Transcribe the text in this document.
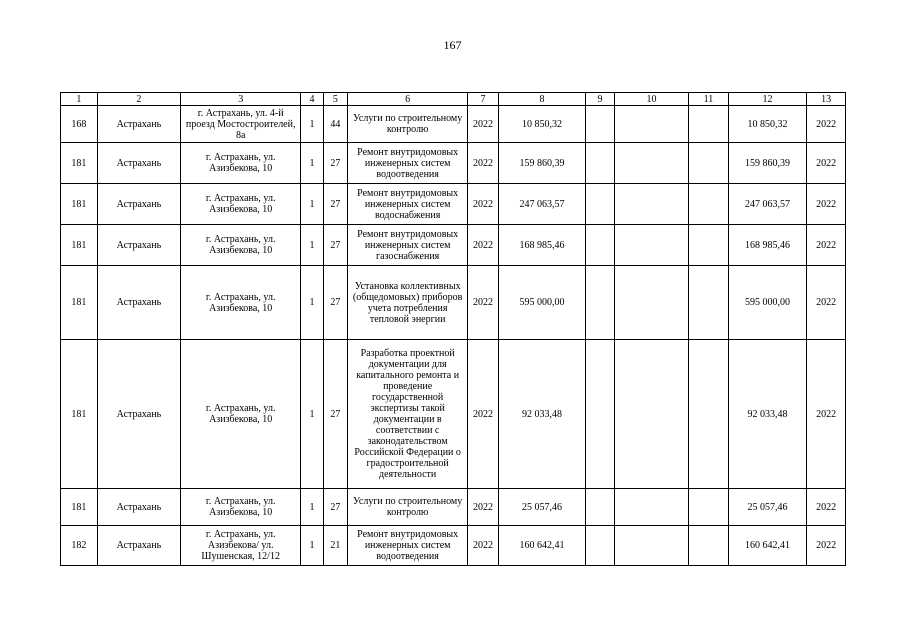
167
1	2	3	4	5	6	7	8	9	10	11	12	13
168	Астрахань	г. Астрахань, ул. 4-й проезд Мостостроителей, 8а	1	44	Услуги по строительному контролю	2022	10 850,32				10 850,32	2022
181	Астрахань	г. Астрахань, ул. Азизбекова, 10	1	27	Ремонт внутридомовых инженерных систем водоотведения	2022	159 860,39				159 860,39	2022
181	Астрахань	г. Астрахань, ул. Азизбекова, 10	1	27	Ремонт внутридомовых инженерных систем водоснабжения	2022	247 063,57				247 063,57	2022
181	Астрахань	г. Астрахань, ул. Азизбекова, 10	1	27	Ремонт внутридомовых инженерных систем газоснабжения	2022	168 985,46				168 985,46	2022
181	Астрахань	г. Астрахань, ул. Азизбекова, 10	1	27	Установка коллективных (общедомовых) приборов учета потребления тепловой энергии	2022	595 000,00				595 000,00	2022
181	Астрахань	г. Астрахань, ул. Азизбекова, 10	1	27	Разработка проектной документации для капитального ремонта и проведение государственной экспертизы такой документации в соответствии с законодательством Российской Федерации о градостроительной деятельности	2022	92 033,48				92 033,48	2022
181	Астрахань	г. Астрахань, ул. Азизбекова, 10	1	27	Услуги по строительному контролю	2022	25 057,46				25 057,46	2022
182	Астрахань	г. Астрахань, ул. Азизбекова/ ул. Шушенская, 12/12	1	21	Ремонт внутридомовых инженерных систем водоотведения	2022	160 642,41				160 642,41	2022
